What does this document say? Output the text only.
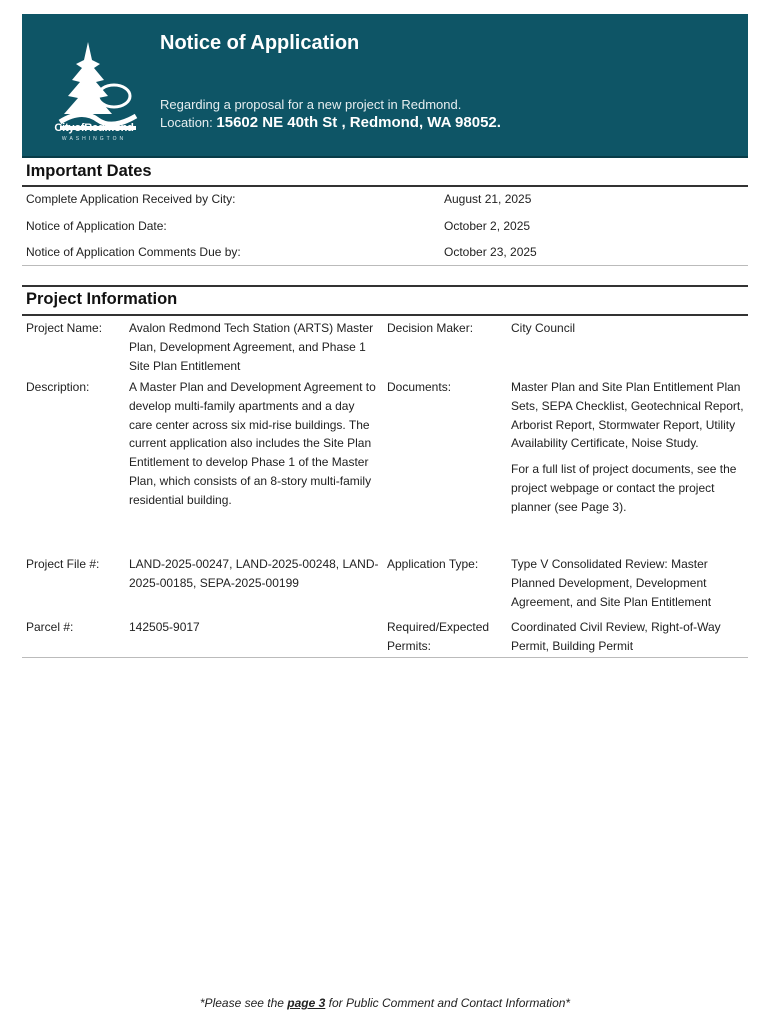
CityofRedmond
WASHINGTON
Notice of Application
Regarding a proposal for a new project in Redmond.
Location: 15602 NE 40th St , Redmond, WA 98052.
Important Dates
Complete Application Received by City:	August 21, 2025
Notice of Application Date:	October 2, 2025
Notice of Application Comments Due by:	October 23, 2025
Project Information
Project Name:	Avalon Redmond Tech Station (ARTS) Master Plan, Development Agreement, and Phase 1 Site Plan Entitlement
Decision Maker:	City Council
Description:	A Master Plan and Development Agreement to develop multi-family apartments and a day care center across six mid-rise buildings. The current application also includes the Site Plan Entitlement to develop Phase 1 of the Master Plan, which consists of an 8-story multi-family residential building.
Documents:	Master Plan and Site Plan Entitlement Plan Sets, SEPA Checklist, Geotechnical Report, Arborist Report, Stormwater Report, Utility Availability Certificate, Noise Study.
For a full list of project documents, see the project webpage or contact the project planner (see Page 3).
Project File #:	LAND-2025-00247, LAND-2025-00248, LAND-2025-00185, SEPA-2025-00199
Application Type:	Type V Consolidated Review: Master Planned Development, Development Agreement, and Site Plan Entitlement
Parcel #:	142505-9017	Required/Expected Permits:
Coordinated Civil Review, Right-of-Way Permit, Building Permit
*Please see the page 3 for Public Comment and Contact Information*
